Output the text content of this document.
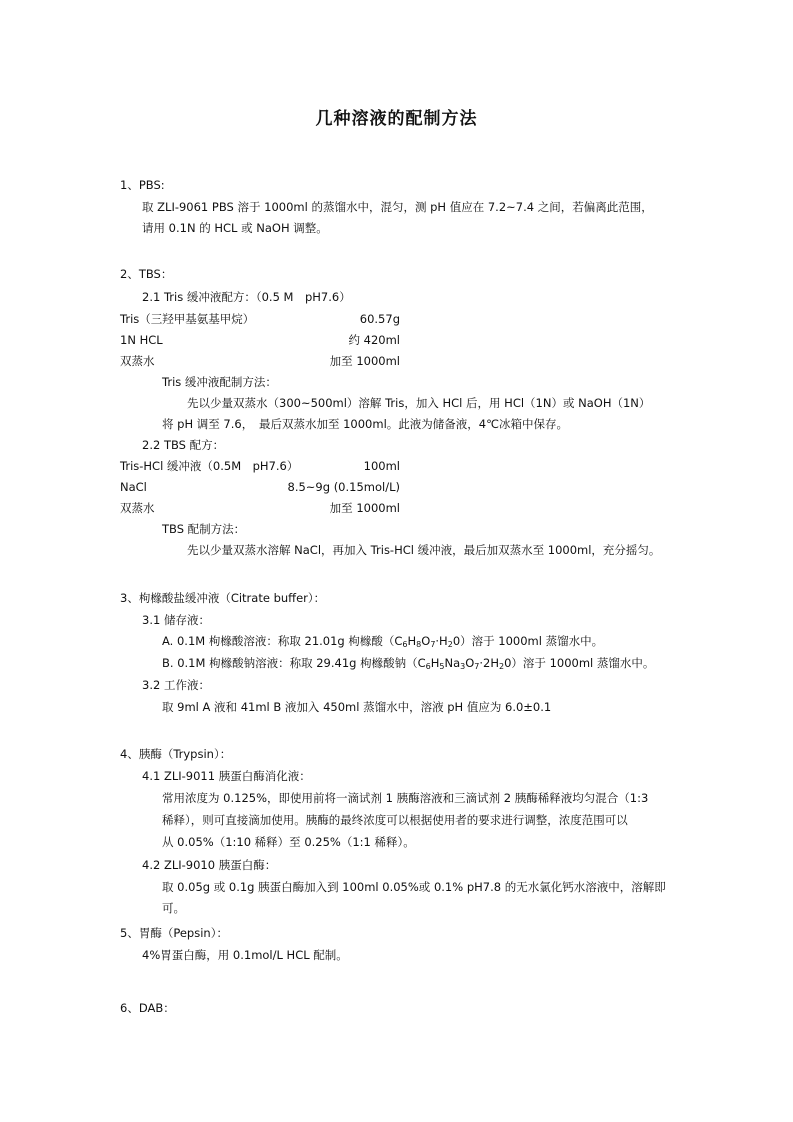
几种溶液的配制方法
1、PBS:
取 ZLI-9061 PBS 溶于 1000ml 的蒸馏水中，混匀，测 pH 值应在 7.2~7.4 之间，若偏离此范围，
请用 0.1N 的 HCL 或 NaOH 调整。
2、TBS：
2.1 Tris 缓冲液配方：（0.5 M　pH7.6）
Tris（三羟甲基氨基甲烷）	60.57g
1N HCL	约 420ml
双蒸水	加至 1000ml
Tris 缓冲液配制方法：
先以少量双蒸水（300~500ml）溶解 Tris，加入 HCl 后，用 HCl（1N）或 NaOH（1N）
将 pH 调至 7.6，　最后双蒸水加至 1000ml。此液为储备液，4℃冰箱中保存。
2.2 TBS 配方：
Tris-HCl 缓冲液（0.5M　pH7.6）	100ml
NaCl	8.5~9g (0.15mol/L)
双蒸水	加至 1000ml
TBS 配制方法：
先以少量双蒸水溶解 NaCl，再加入 Tris-HCl 缓冲液，最后加双蒸水至 1000ml，充分摇匀。
3、枸橼酸盐缓冲液（Citrate buffer）：
3.1 储存液：
A. 0.1M 枸橼酸溶液：称取 21.01g 枸橼酸$(C_6H_8O_7\cdot H_20)$溶于 1000ml 蒸馏水中。
B. 0.1M 枸橼酸钠溶液：称取 29.41g 枸橼酸钠$(C_6H_5Na_3O_7\cdot 2H_20)$溶于 1000ml 蒸馏水中。
3.2 工作液：
取 9ml A 液和 41ml B 液加入 450ml 蒸馏水中，溶液 pH 值应为 6.0±0.1
4、胰酶（Trypsin）：
4.1 ZLI-9011 胰蛋白酶消化液：
常用浓度为 0.125%，即使用前将一滴试剂 1 胰酶溶液和三滴试剂 2 胰酶稀释液均匀混合（1:3
稀释），则可直接滴加使用。胰酶的最终浓度可以根据使用者的要求进行调整，浓度范围可以
从 0.05%（1:10 稀释）至 0.25%（1:1 稀释）。
4.2 ZLI-9010 胰蛋白酶：
取 0.05g 或 0.1g 胰蛋白酶加入到 100ml 0.05%或 0.1% pH7.8 的无水氯化钙水溶液中，溶解即
可。
5、胃酶（Pepsin）：
4%胃蛋白酶，用 0.1mol/L HCL 配制。
6、DAB：
